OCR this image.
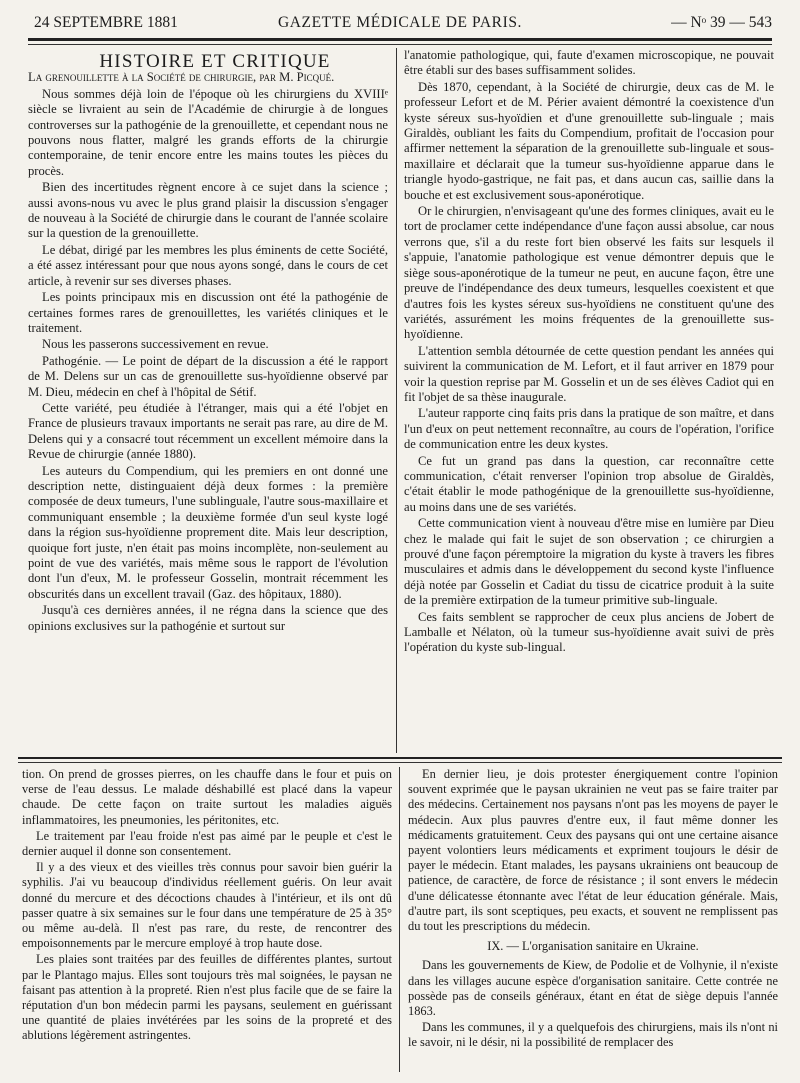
24 SEPTEMBRE 1881	GAZETTE MÉDICALE DE PARIS.	— Nᵒ 39 — 543

HISTOIRE ET CRITIQUE

La grenouillette à la Société de chirurgie, par M. Picqué.

Nous sommes déjà loin de l'époque où les chirurgiens du XVIIIᵉ siècle se livraient au sein de l'Académie de chirurgie à de longues controverses sur la pathogénie de la grenouillette, et cependant nous ne pouvons nous flatter, malgré les grands efforts de la chirurgie contemporaine, de tenir encore entre les mains toutes les pièces du procès.

Bien des incertitudes règnent encore à ce sujet dans la science ; aussi avons-nous vu avec le plus grand plaisir la discussion s'engager de nouveau à la Société de chirurgie dans le courant de l'année scolaire sur la question de la grenouillette.

Le débat, dirigé par les membres les plus éminents de cette Société, a été assez intéressant pour que nous ayons songé, dans le cours de cet article, à revenir sur ses diverses phases.

Les points principaux mis en discussion ont été la pathogénie de certaines formes rares de grenouillettes, les variétés cliniques et le traitement.

Nous les passerons successivement en revue.

Pathogénie. — Le point de départ de la discussion a été le rapport de M. Delens sur un cas de grenouillette sus-hyoïdienne observé par M. Dieu, médecin en chef à l'hôpital de Sétif.

Cette variété, peu étudiée à l'étranger, mais qui a été l'objet en France de plusieurs travaux importants ne serait pas rare, au dire de M. Delens qui y a consacré tout récemment un excellent mémoire dans la Revue de chirurgie (année 1880).

Les auteurs du Compendium, qui les premiers en ont donné une description nette, distinguaient déjà deux formes : la première composée de deux tumeurs, l'une sublinguale, l'autre sous-maxillaire et communiquant ensemble ; la deuxième formée d'un seul kyste logé dans la région sus-hyoïdienne proprement dite. Mais leur description, quoique fort juste, n'en était pas moins incomplète, non-seulement au point de vue des variétés, mais même sous le rapport de l'évolution dont l'un d'eux, M. le professeur Gosselin, montrait récemment les obscurités dans un excellent travail (Gaz. des hôpitaux, 1880).

Jusqu'à ces dernières années, il ne régna dans la science que des opinions exclusives sur la pathogénie et surtout sur

l'anatomie pathologique, qui, faute d'examen microscopique, ne pouvait être établi sur des bases suffisamment solides.

Dès 1870, cependant, à la Société de chirurgie, deux cas de M. le professeur Lefort et de M. Périer avaient démontré la coexistence d'un kyste séreux sus-hyoïdien et d'une grenouillette sub-linguale ; mais Giraldès, oubliant les faits du Compendium, profitait de l'occasion pour affirmer nettement la séparation de la grenouillette sub-linguale et sous-maxillaire et déclarait que la tumeur sus-hyoïdienne apparue dans le triangle hyodo-gastrique, ne fait pas, et dans aucun cas, saillie dans la bouche et est exclusivement sous-aponérotique.

Or le chirurgien, n'envisageant qu'une des formes cliniques, avait eu le tort de proclamer cette indépendance d'une façon aussi absolue, car nous verrons que, s'il a du reste fort bien observé les faits sur lesquels il s'appuie, l'anatomie pathologique est venue démontrer depuis que le siège sous-aponérotique de la tumeur ne peut, en aucune façon, être une preuve de l'indépendance des deux tumeurs, lesquelles coexistent et que d'autres fois les kystes séreux sus-hyoïdiens ne constituent qu'une des variétés, assurément les moins fréquentes de la grenouillette sus-hyoïdienne.

L'attention sembla détournée de cette question pendant les années qui suivirent la communication de M. Lefort, et il faut arriver en 1879 pour voir la question reprise par M. Gosselin et un de ses élèves Cadiot qui en fit l'objet de sa thèse inaugurale.

L'auteur rapporte cinq faits pris dans la pratique de son maître, et dans l'un d'eux on peut nettement reconnaître, au cours de l'opération, l'orifice de communication entre les deux kystes.

Ce fut un grand pas dans la question, car reconnaître cette communication, c'était renverser l'opinion trop absolue de Giraldès, c'était établir le mode pathogénique de la grenouillette sus-hyoïdienne, au moins dans une de ses variétés.

Cette communication vient à nouveau d'être mise en lumière par Dieu chez le malade qui fait le sujet de son observation ; ce chirurgien a prouvé d'une façon péremptoire la migration du kyste à travers les fibres musculaires et admis dans le développement du second kyste l'influence déjà notée par Gosselin et Cadiat du tissu de cicatrice produit à la suite de la première extirpation de la tumeur primitive sub-linguale.

Ces faits semblent se rapprocher de ceux plus anciens de Jobert de Lamballe et Nélaton, où la tumeur sus-hyoïdienne avait suivi de près l'opération du kyste sub-lingual.

tion. On prend de grosses pierres, on les chauffe dans le four et puis on verse de l'eau dessus. Le malade déshabillé est placé dans la vapeur chaude. De cette façon on traite surtout les maladies aiguës inflammatoires, les pneumonies, les péritonites, etc.

Le traitement par l'eau froide n'est pas aimé par le peuple et c'est le dernier auquel il donne son consentement.

Il y a des vieux et des vieilles très connus pour savoir bien guérir la syphilis. J'ai vu beaucoup d'individus réellement guéris. On leur avait donné du mercure et des décoctions chaudes à l'intérieur, et ils ont dû passer quatre à six semaines sur le four dans une température de 25 à 35° ou même au-delà. Il n'est pas rare, du reste, de rencontrer des empoisonnements par le mercure employé à trop haute dose.

Les plaies sont traitées par des feuilles de différentes plantes, surtout par le Plantago majus. Elles sont toujours très mal soignées, le paysan ne faisant pas attention à la propreté. Rien n'est plus facile que de se faire la réputation d'un bon médecin parmi les paysans, seulement en guérissant une quantité de plaies invétérées par les soins de la propreté et des ablutions légèrement astringentes.

En dernier lieu, je dois protester énergiquement contre l'opinion souvent exprimée que le paysan ukrainien ne veut pas se faire traiter par des médecins. Certainement nos paysans n'ont pas les moyens de payer le médecin. Aux plus pauvres d'entre eux, il faut même donner les médicaments gratuitement. Ceux des paysans qui ont une certaine aisance payent volontiers leurs médicaments et expriment toujours le désir de payer le médecin. Etant malades, les paysans ukrainiens ont beaucoup de patience, de caractère, de force de résistance ; il sont envers le médecin d'une délicatesse étonnante avec l'état de leur éducation générale. Mais, d'autre part, ils sont sceptiques, peu exacts, et souvent ne remplissent pas du tout les prescriptions du médecin.

IX. — L'organisation sanitaire en Ukraine.

Dans les gouvernements de Kiew, de Podolie et de Volhynie, il n'existe dans les villages aucune espèce d'organisation sanitaire. Cette contrée ne possède pas de conseils généraux, étant en état de siège depuis l'année 1863.

Dans les communes, il y a quelquefois des chirurgiens, mais ils n'ont ni le savoir, ni le désir, ni la possibilité de remplacer des
